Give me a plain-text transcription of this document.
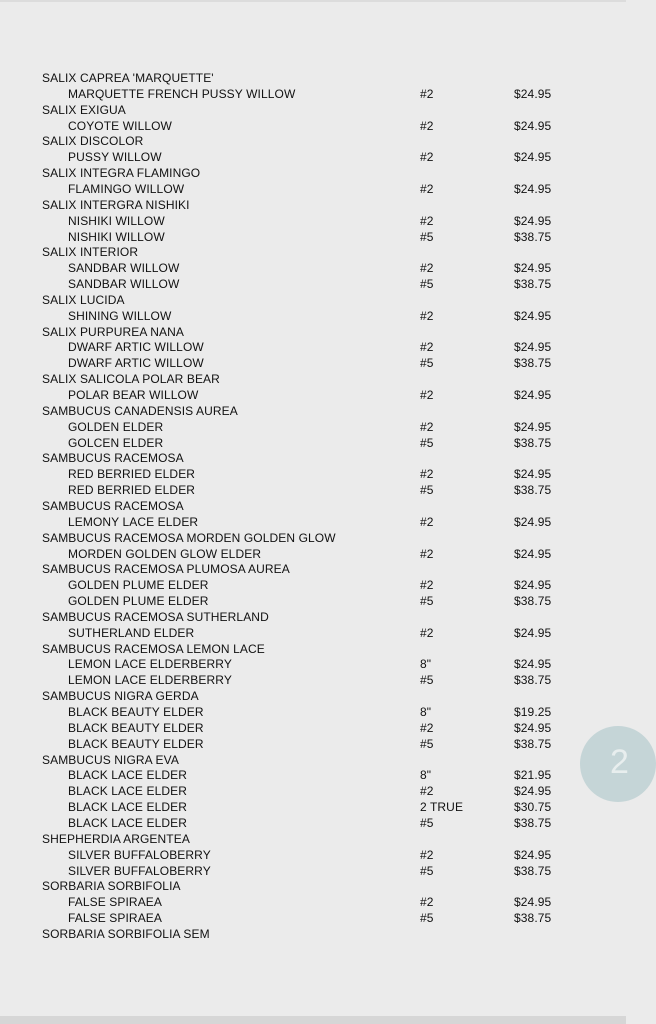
SALIX CAPREA 'MARQUETTE'
MARQUETTE FRENCH PUSSY WILLOW	#2	$24.95
SALIX EXIGUA
COYOTE WILLOW	#2	$24.95
SALIX DISCOLOR
PUSSY WILLOW	#2	$24.95
SALIX INTEGRA FLAMINGO
FLAMINGO WILLOW	#2	$24.95
SALIX INTERGRA NISHIKI
NISHIKI WILLOW	#2	$24.95
NISHIKI WILLOW	#5	$38.75
SALIX INTERIOR
SANDBAR WILLOW	#2	$24.95
SANDBAR WILLOW	#5	$38.75
SALIX LUCIDA
SHINING WILLOW	#2	$24.95
SALIX PURPUREA NANA
DWARF ARTIC WILLOW	#2	$24.95
DWARF ARTIC WILLOW	#5	$38.75
SALIX SALICOLA POLAR BEAR
POLAR BEAR WILLOW	#2	$24.95
SAMBUCUS CANADENSIS AUREA
GOLDEN ELDER	#2	$24.95
GOLCEN ELDER	#5	$38.75
SAMBUCUS RACEMOSA
RED BERRIED ELDER	#2	$24.95
RED BERRIED ELDER	#5	$38.75
SAMBUCUS RACEMOSA
LEMONY LACE ELDER	#2	$24.95
SAMBUCUS RACEMOSA MORDEN GOLDEN GLOW
MORDEN GOLDEN GLOW ELDER	#2	$24.95
SAMBUCUS RACEMOSA PLUMOSA AUREA
GOLDEN PLUME ELDER	#2	$24.95
GOLDEN PLUME ELDER	#5	$38.75
SAMBUCUS RACEMOSA SUTHERLAND
SUTHERLAND ELDER	#2	$24.95
SAMBUCUS RACEMOSA LEMON LACE
LEMON LACE ELDERBERRY	8"	$24.95
LEMON LACE ELDERBERRY	#5	$38.75
SAMBUCUS NIGRA GERDA
BLACK BEAUTY ELDER	8"	$19.25
BLACK BEAUTY ELDER	#2	$24.95
BLACK BEAUTY ELDER	#5	$38.75
SAMBUCUS NIGRA EVA
BLACK LACE ELDER	8"	$21.95
BLACK LACE ELDER	#2	$24.95
BLACK LACE ELDER	2 TRUE	$30.75
BLACK LACE ELDER	#5	$38.75
SHEPHERDIA ARGENTEA
SILVER BUFFALOBERRY	#2	$24.95
SILVER BUFFALOBERRY	#5	$38.75
SORBARIA SORBIFOLIA
FALSE SPIRAEA	#2	$24.95
FALSE SPIRAEA	#5	$38.75
SORBARIA SORBIFOLIA SEM
2
